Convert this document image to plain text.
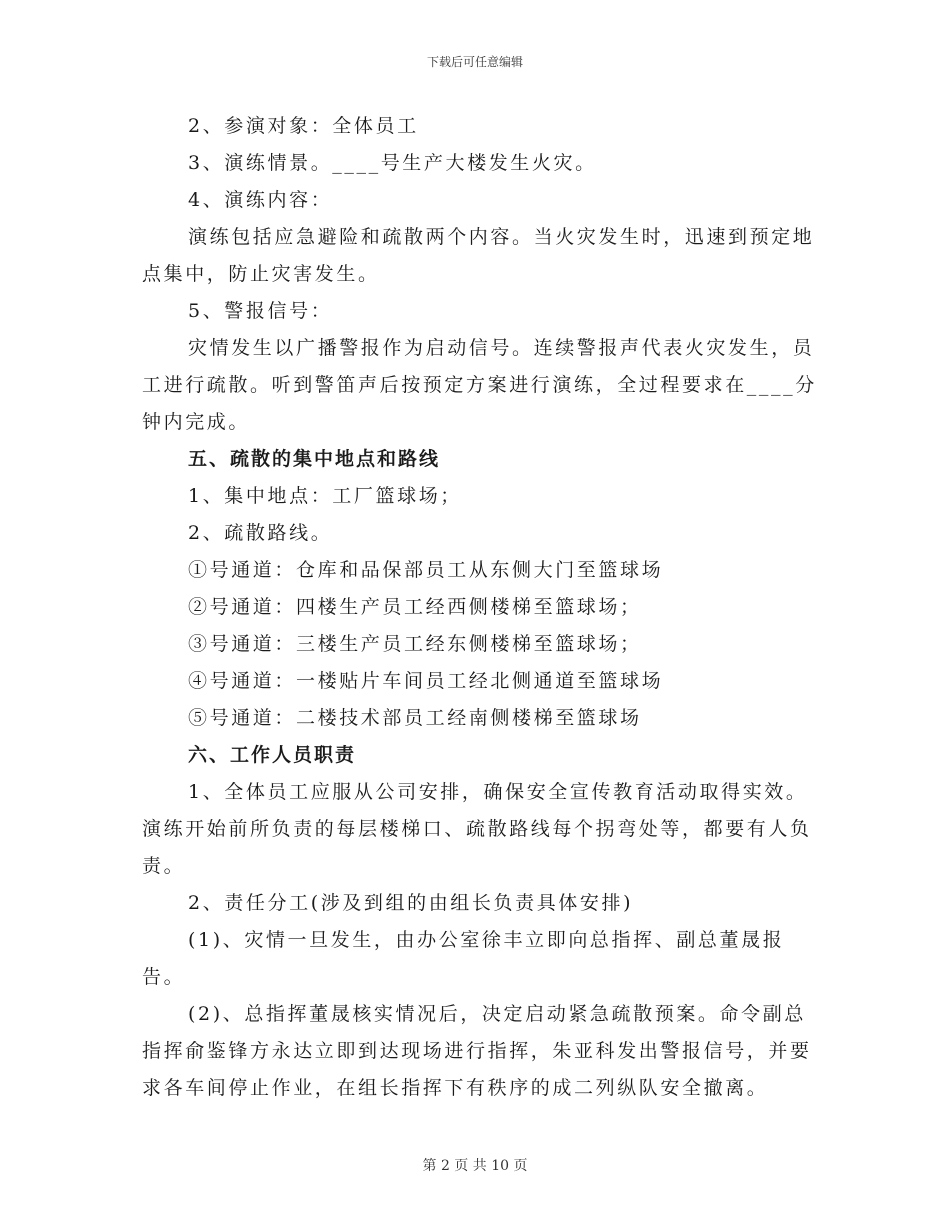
下载后可任意编辑

2、参演对象：全体员工

3、演练情景。____号生产大楼发生火灾。

4、演练内容：

演练包括应急避险和疏散两个内容。当火灾发生时，迅速到预定地点集中，防止灾害发生。

5、警报信号：

灾情发生以广播警报作为启动信号。连续警报声代表火灾发生，员工进行疏散。听到警笛声后按预定方案进行演练，全过程要求在____分钟内完成。

五、疏散的集中地点和路线

1、集中地点：工厂篮球场；

2、疏散路线。

①号通道：仓库和品保部员工从东侧大门至篮球场

②号通道：四楼生产员工经西侧楼梯至篮球场；

③号通道：三楼生产员工经东侧楼梯至篮球场；

④号通道：一楼贴片车间员工经北侧通道至篮球场

⑤号通道：二楼技术部员工经南侧楼梯至篮球场

六、工作人员职责

1、全体员工应服从公司安排，确保安全宣传教育活动取得实效。演练开始前所负责的每层楼梯口、疏散路线每个拐弯处等，都要有人负责。

2、责任分工(涉及到组的由组长负责具体安排)

(1)、灾情一旦发生，由办公室徐丰立即向总指挥、副总董晟报告。

(2)、总指挥董晟核实情况后，决定启动紧急疏散预案。命令副总指挥俞鉴锋方永达立即到达现场进行指挥，朱亚科发出警报信号，并要求各车间停止作业，在组长指挥下有秩序的成二列纵队安全撤离。

第 2 页 共 10 页
